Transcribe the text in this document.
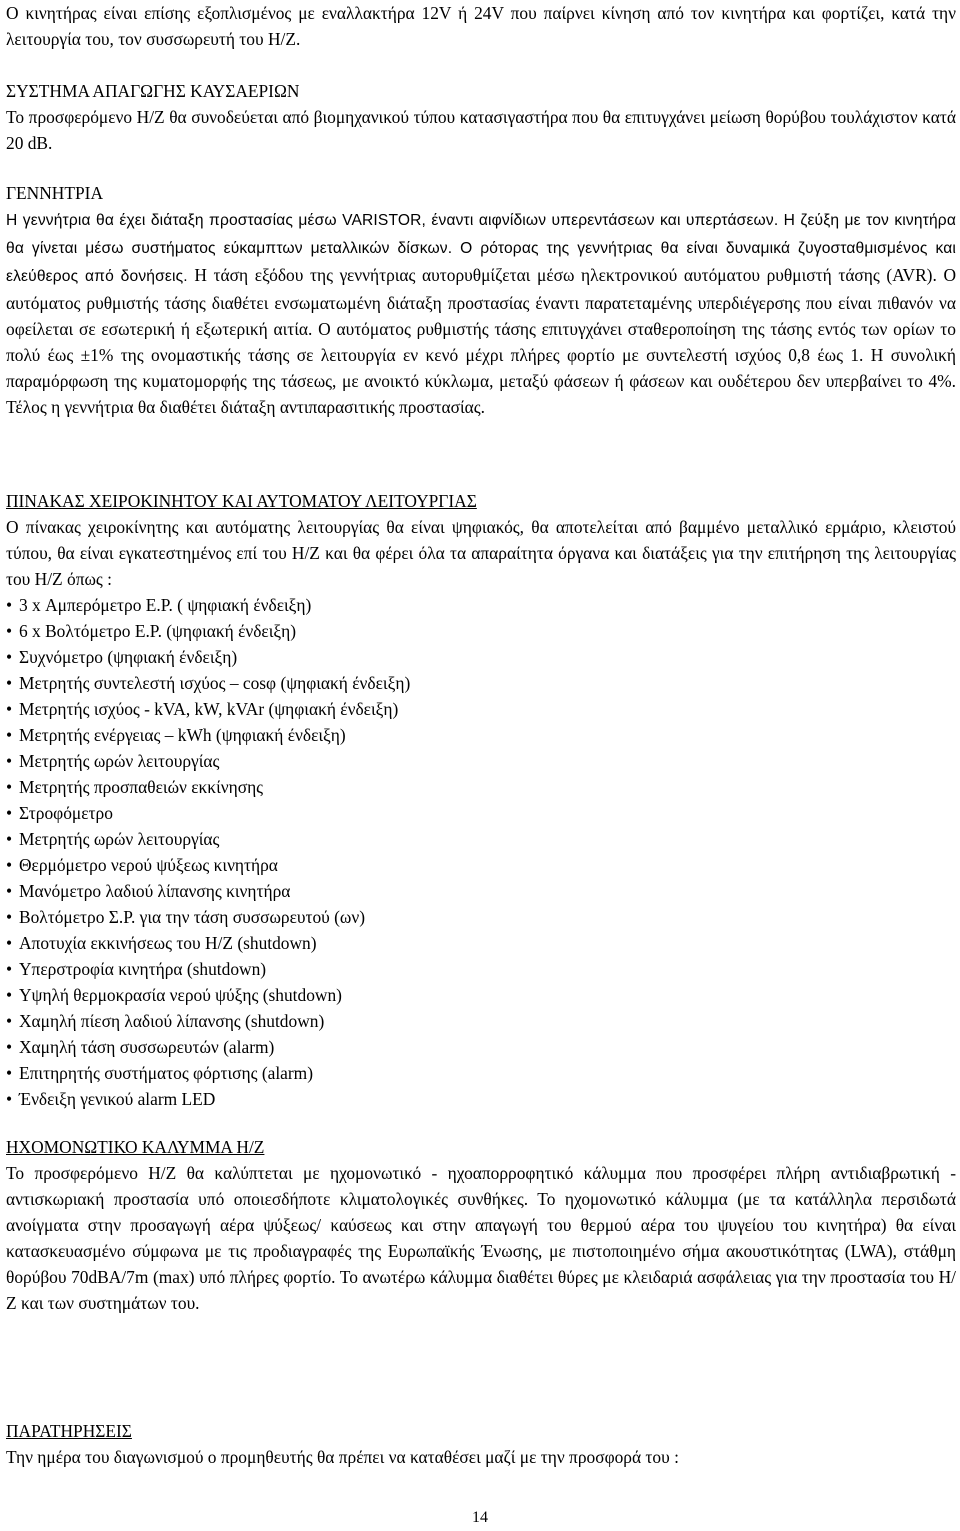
Ο κινητήρας είναι επίσης εξοπλισμένος με εναλλακτήρα 12V ή 24V που παίρνει κίνηση από τον κινητήρα και φορτίζει, κατά την λειτουργία του, τον συσσωρευτή του Η/Ζ.

ΣΥΣΤΗΜΑ ΑΠΑΓΩΓΗΣ ΚΑΥΣΑΕΡΙΩΝ
Το προσφερόμενο Η/Ζ θα συνοδεύεται από βιομηχανικού τύπου κατασιγαστήρα που θα επιτυγχάνει μείωση θορύβου τουλάχιστον κατά 20 dB.
ΓΕΝΝΗΤΡΙΑ

Η γεννήτρια θα έχει διάταξη προστασίας μέσω VARISTOR, έναντι αιφνίδιων υπερεντάσεων και υπερτάσεων. Η ζεύξη με τον κινητήρα θα γίνεται μέσω συστήματος εύκαμπτων μεταλλικών δίσκων. Ο ρότορας της γεννήτριας θα είναι δυναμικά ζυγοσταθμισμένος και ελεύθερος από δονήσεις. Η τάση εξόδου της γεννήτριας αυτορυθμίζεται μέσω ηλεκτρονικού αυτόματου ρυθμιστή τάσης (AVR). Ο αυτόματος ρυθμιστής τάσης διαθέτει ενσωματωμένη διάταξη προστασίας έναντι παρατεταμένης υπερδιέγερσης που είναι πιθανόν να οφείλεται σε εσωτερική ή εξωτερική αιτία. Ο αυτόματος ρυθμιστής τάσης επιτυγχάνει σταθεροποίηση της τάσης εντός των ορίων το πολύ έως ±1% της ονομαστικής τάσης σε λειτουργία εν κενό μέχρι πλήρες φορτίο με συντελεστή ισχύος 0,8 έως 1. Η συνολική παραμόρφωση της κυματομορφής της τάσεως, με ανοικτό κύκλωμα, μεταξύ φάσεων ή φάσεων και ουδέτερου δεν υπερβαίνει το 4%. Τέλος η γεννήτρια θα διαθέτει διάταξη αντιπαρασιτικής προστασίας.

ΠΙΝΑΚΑΣ ΧΕΙΡΟΚΙΝΗΤΟΥ ΚΑΙ ΑΥΤΟΜΑΤΟΥ ΛΕΙΤΟΥΡΓΙΑΣ
Ο πίνακας χειροκίνητης και αυτόματης λειτουργίας θα είναι ψηφιακός, θα αποτελείται από βαμμένο μεταλλικό ερμάριο, κλειστού τύπου, θα είναι εγκατεστημένος επί του Η/Ζ και θα φέρει όλα τα απαραίτητα όργανα και διατάξεις για την επιτήρηση της λειτουργίας του Η/Ζ όπως :
• 3 x Αμπερόμετρο Ε.Ρ. ( ψηφιακή ένδειξη)
• 6 x Βολτόμετρο Ε.Ρ. (ψηφιακή ένδειξη)
• Συχνόμετρο (ψηφιακή ένδειξη)
• Μετρητής συντελεστή ισχύος – cosφ (ψηφιακή ένδειξη)
• Μετρητής ισχύος - kVA, kW, kVAr (ψηφιακή ένδειξη)
• Μετρητής ενέργειας – kWh (ψηφιακή ένδειξη)
• Μετρητής ωρών λειτουργίας
• Μετρητής προσπαθειών εκκίνησης
• Στροφόμετρο
• Μετρητής ωρών λειτουργίας
• Θερμόμετρο νερού ψύξεως κινητήρα
• Μανόμετρο λαδιού λίπανσης κινητήρα
• Βολτόμετρο Σ.Ρ. για την τάση συσσωρευτού (ων)
• Αποτυχία εκκινήσεως του Η/Ζ (shutdown)
• Υπερστροφία κινητήρα (shutdown)
• Υψηλή θερμοκρασία νερού ψύξης (shutdown)
• Χαμηλή πίεση λαδιού λίπανσης (shutdown)
• Χαμηλή τάση συσσωρευτών (alarm)
• Επιτηρητής συστήματος φόρτισης (alarm)
• Ένδειξη γενικού alarm LED
ΗΧΟΜΟΝΩΤΙΚΟ ΚΑΛΥΜΜΑ Η/Ζ
Το προσφερόμενο Η/Ζ θα καλύπτεται με ηχομονωτικό - ηχοαπορροφητικό κάλυμμα που προσφέρει πλήρη αντιδιαβρωτική - αντισκωριακή προστασία υπό οποιεσδήποτε κλιματολογικές συνθήκες. Το ηχομονωτικό κάλυμμα (με τα κατάλληλα περσιδωτά ανοίγματα στην προσαγωγή αέρα ψύξεως/ καύσεως και στην απαγωγή του θερμού αέρα του ψυγείου του κινητήρα) θα είναι κατασκευασμένο σύμφωνα με τις προδιαγραφές της Ευρωπαϊκής Ένωσης, με πιστοποιημένο σήμα ακουστικότητας (LWA), στάθμη θορύβου 70dBA/7m (max) υπό πλήρες φορτίο. Το ανωτέρω κάλυμμα διαθέτει θύρες με κλειδαριά ασφάλειας για την προστασία του Η/Ζ και των συστημάτων του.
ΠΑΡΑΤΗΡΗΣΕΙΣ
Την ημέρα του διαγωνισμού ο προμηθευτής θα πρέπει να καταθέσει μαζί με την προσφορά του :
14
